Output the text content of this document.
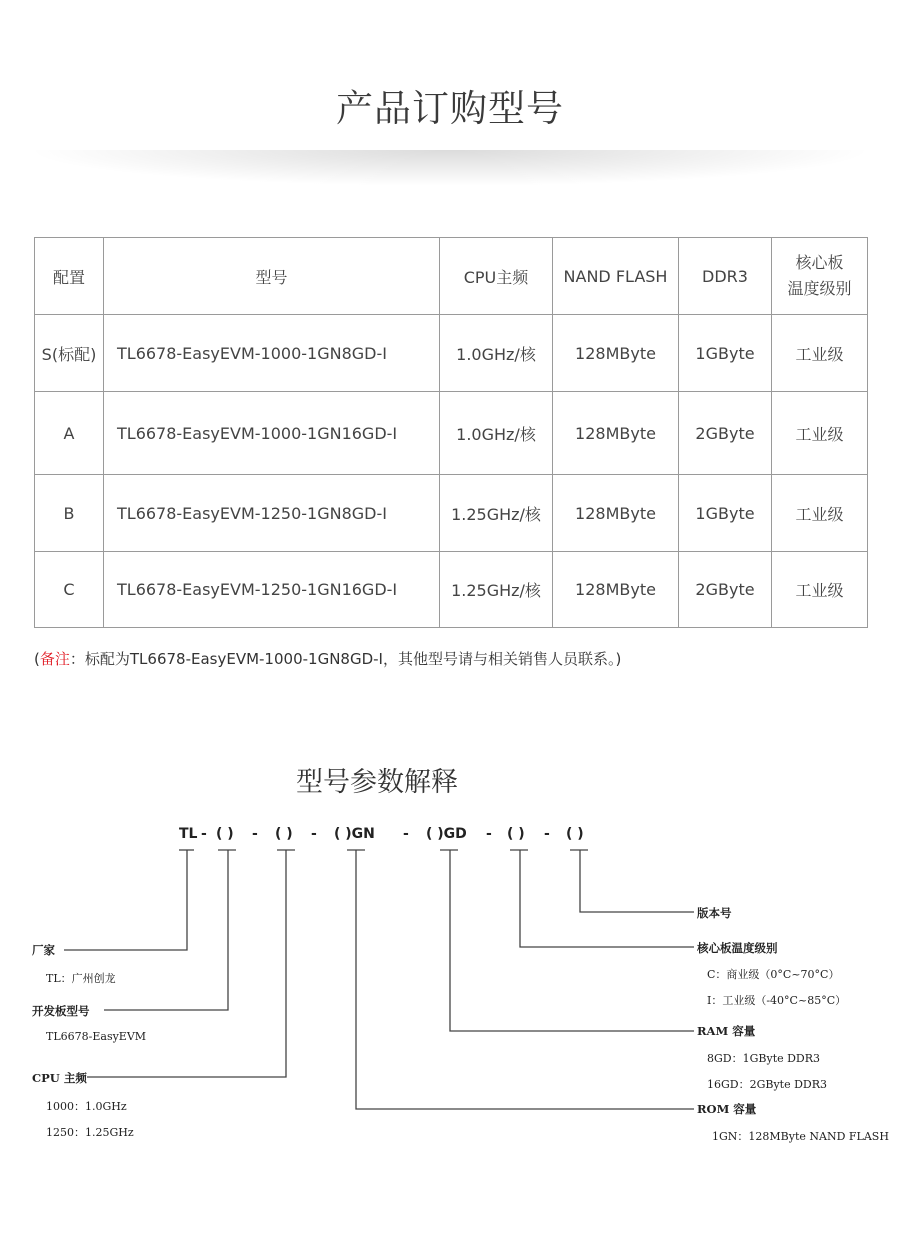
产品订购型号
配置	型号	CPU主频	NAND FLASH	DDR3	核心板
温度级别
S(标配)	TL6678-EasyEVM-1000-1GN8GD-I	1.0GHz/核	128MByte	1GByte	工业级
A	TL6678-EasyEVM-1000-1GN16GD-I	1.0GHz/核	128MByte	2GByte	工业级
B	TL6678-EasyEVM-1250-1GN8GD-I	1.25GHz/核	128MByte	1GByte	工业级
C	TL6678-EasyEVM-1250-1GN16GD-I	1.25GHz/核	128MByte	2GByte	工业级
(备注：标配为TL6678-EasyEVM-1000-1GN8GD-I，其他型号请与相关销售人员联系。)
型号参数解释
TL - ( ) - ( ) - ( )GN - ( )GD - ( ) - ( )
厂家
TL：广州创龙
开发板型号
TL6678-EasyEVM
CPU 主频
1000：1.0GHz
1250：1.25GHz
版本号
核心板温度级别
C：商业级（0°C~70°C）
I：工业级（-40°C~85°C）
RAM 容量
8GD：1GByte DDR3
16GD：2GByte DDR3
ROM 容量
1GN：128MByte NAND FLASH
